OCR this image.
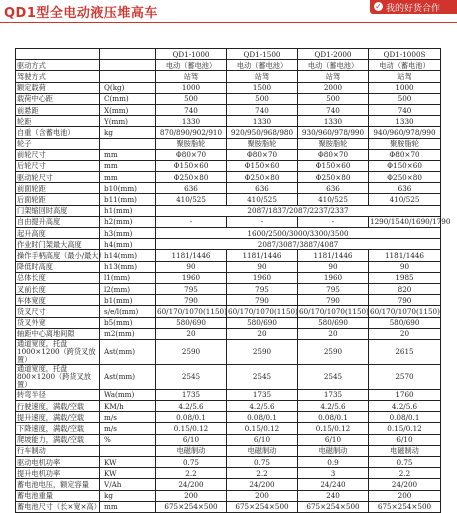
QD1型全电动液压堆高车	✓ 我的好货合作
		QD1-1000	QD1-1500	QD1-2000	QD1-1000S
驱动方式		电动（蓄电池）	电动（蓄电池）	电动（蓄电池）	电动（蓄电池）
驾驶方式		站驾	站驾	站驾	站驾
额定载荷	Q(kg)	1000	1500	2000	1000
载荷中心距	C(mm)	500	500	500	500
前悬距	X(mm)	740	740	740	740
轮距	Y(mm)	1330	1330	1330	1330
自重（含蓄电池）	kg	870/890/902/910	920/950/968/980	930/960/978/990	940/960/978/990
轮子		聚胺脂轮	聚胺脂轮	聚胺脂轮	聚胺脂轮
前轮尺寸	mm	Φ80×70	Φ80×70	Φ80×70	Φ80×70
后轮尺寸	mm	Φ150×60	Φ150×60	Φ150×60	Φ150×60
驱动轮尺寸	mm	Φ250×80	Φ250×80	Φ250×80	Φ250×80
前面轮距	b10(mm)	636	636	636	636
后面轮距	b11(mm)	410/525	410/525	410/525	410/525
门架缩回时高度	h1(mm)	2087/1837/2087/2237/2337			
自由提升高度	h2(mm)	-	-	-	1290/1540/1690/1790
起升高度	h3(mm)	1600/2500/3000/3300/3500			
作业时门架最大高度	h4(mm)	2087/3087/3887/4087			
操作手柄高度（最小/最大）	h14(mm)	1181/1446	1181/1446	1181/1446	1181/1446
降低时高度	h13(mm)	90	90	90	90
总体长度	l1(mm)	1960	1960	1960	1985
叉前长度	l2(mm)	795	795	795	820
车体宽度	b1(mm)	790	790	790	790
货叉尺寸	s/e/l(mm)	60/170/1070(1150)	60/170/1070(1150)	60/170/1070(1150)	60/170/1070(1150)
货叉外宽	b5(mm)	580/690	580/690	580/690	580/690
轴距中心离地间隙	m2(mm)	20	20	20	20
通道宽度，托盘 1000×1200（跨货叉放置）	Ast(mm)	2590	2590	2590	2615
通道宽度，托盘 800×1200（跨货叉放置）	Ast(mm)	2545	2545	2545	2570
转弯半径	Wa(mm)	1735	1735	1735	1760
行驶速度，满载/空载	KM/h	4.2/5.6	4.2/5.6	4.2/5.6	4.2/5.6
提升速度，满载/空载	m/s	0.08/0.1	0.08/0.1	0.08/0.1	0.08/0.1
下降速度，满载/空载	m/s	0.15/0.12	0.15/0.12	0.15/0.12	0.15/0.12
爬坡能力，满载/空载	%	6/10	6/10	6/10	6/10
行车制动		电磁制动	电磁制动	电磁制动	电磁制动
驱动电机功率	KW	0.75	0.75	0.9	0.75
提升电机功率	KW	2.2	2.2	3	2.2
蓄电池电压，额定容量	V/Ah	24/200	24/200	24/240	24/200
蓄电池重量	kg	200	200	240	200
蓄电池尺寸（长×宽×高）	mm	675×254×500	675×254×500	675×254×500	675×254×500
